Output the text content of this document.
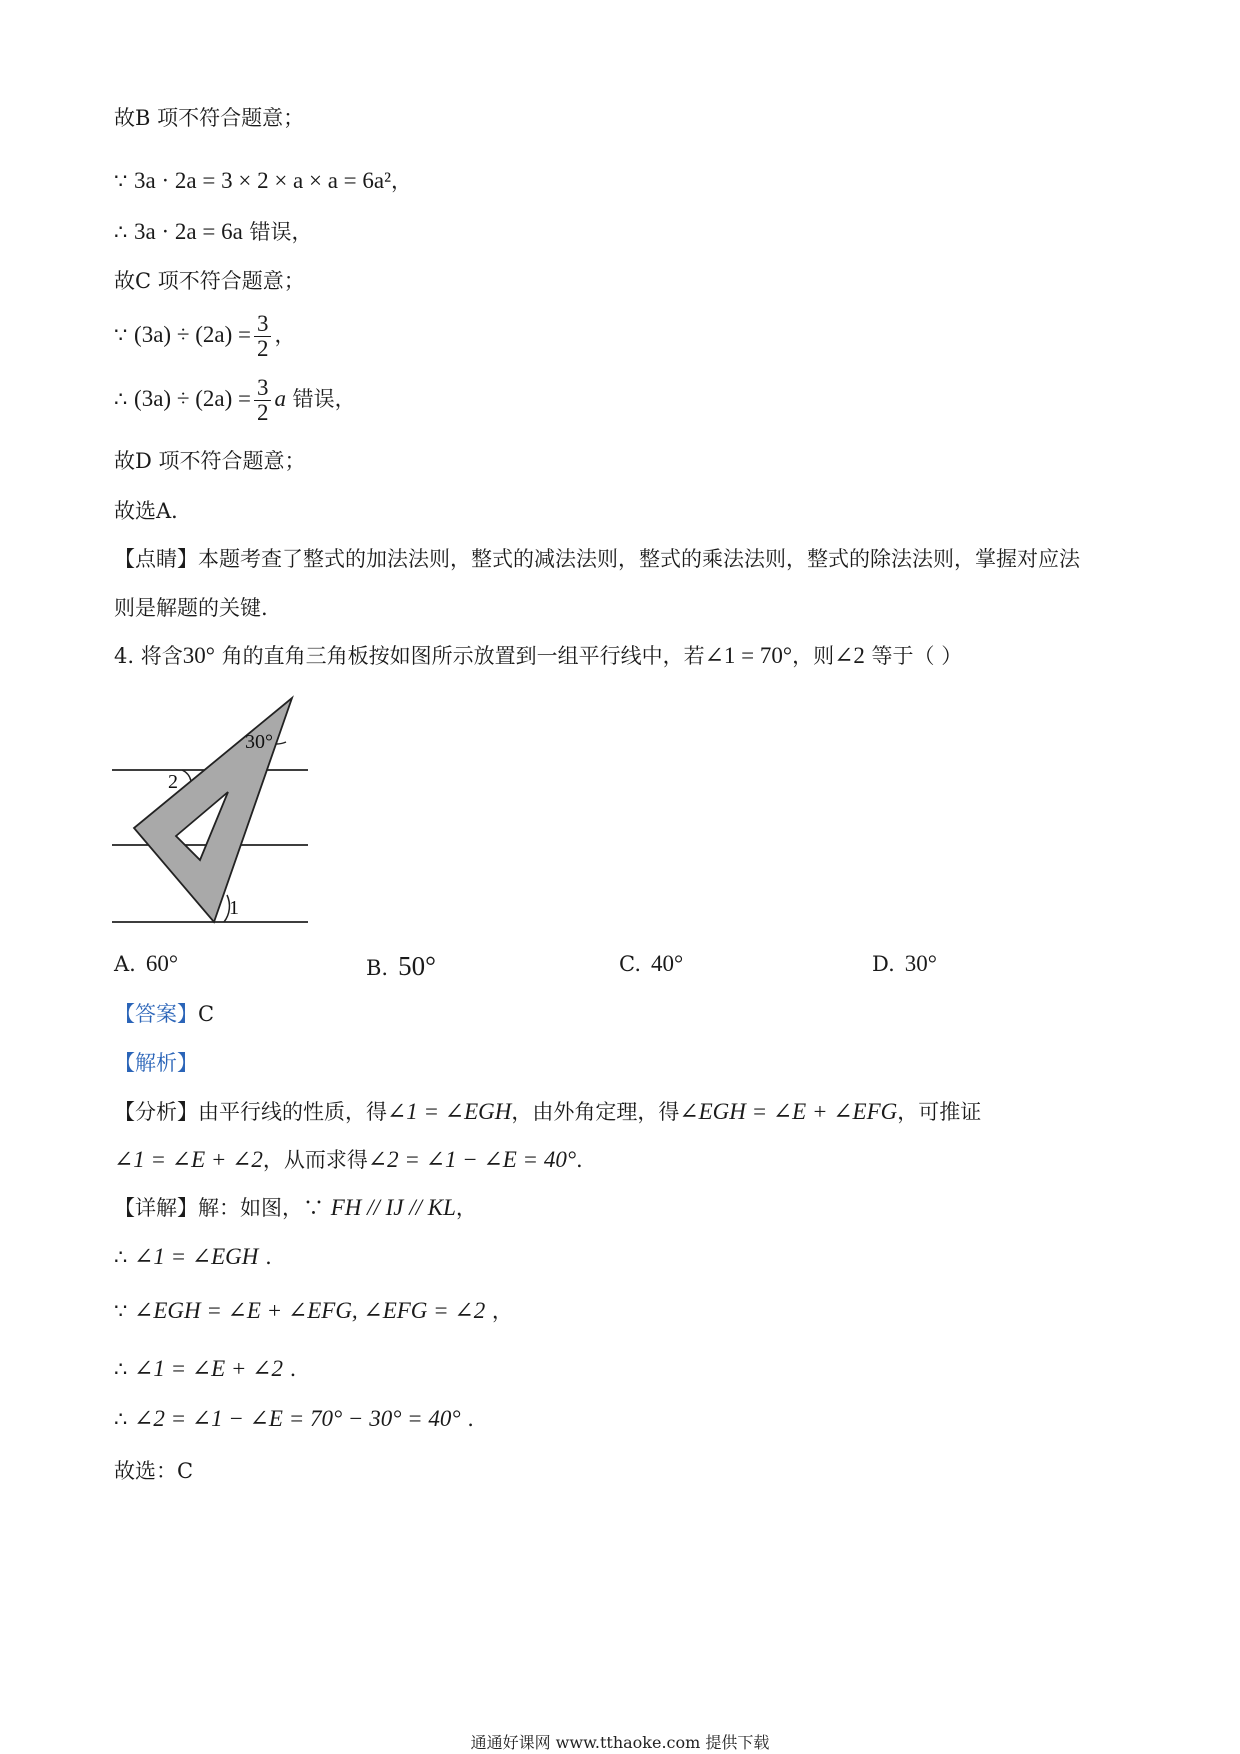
故B 项不符合题意；
∵ 3a · 2a = 3 × 2 × a × a = 6a²，
∴ 3a · 2a = 6a 错误，
故C 项不符合题意；
∵ $(3a) \div (2a) = \frac{3}{2}$ ，
∴ $(3a) \div (2a) = \frac{3}{2}$ a 错误，
故D 项不符合题意；
故选A．
【点睛】本题考查了整式的加法法则，整式的减法法则，整式的乘法法则，整式的除法法则，掌握对应法
则是解题的关键.
4. 将含30° 角的直角三角板按如图所示放置到一组平行线中，若∠1 = 70°，则∠2 等于（ ）
30°
2
1
A. 60°	B. 50°	C. 40°	D. 30°
【答案】C
【解析】
【分析】由平行线的性质，得∠1 = ∠EGH，由外角定理，得∠EGH = ∠E + ∠EFG，可推证
∠1 = ∠E + ∠2，从而求得∠2 = ∠1 − ∠E = 40°.
【详解】解：如图，∵ FH // IJ // KL，
∴ ∠1 = ∠EGH .
∵ ∠EGH = ∠E + ∠EFG, ∠EFG = ∠2 ，
∴ ∠1 = ∠E + ∠2 .
∴ ∠2 = ∠1 − ∠E = 70° − 30° = 40° .
故选：C
通通好课网 www.tthaoke.com 提供下载
